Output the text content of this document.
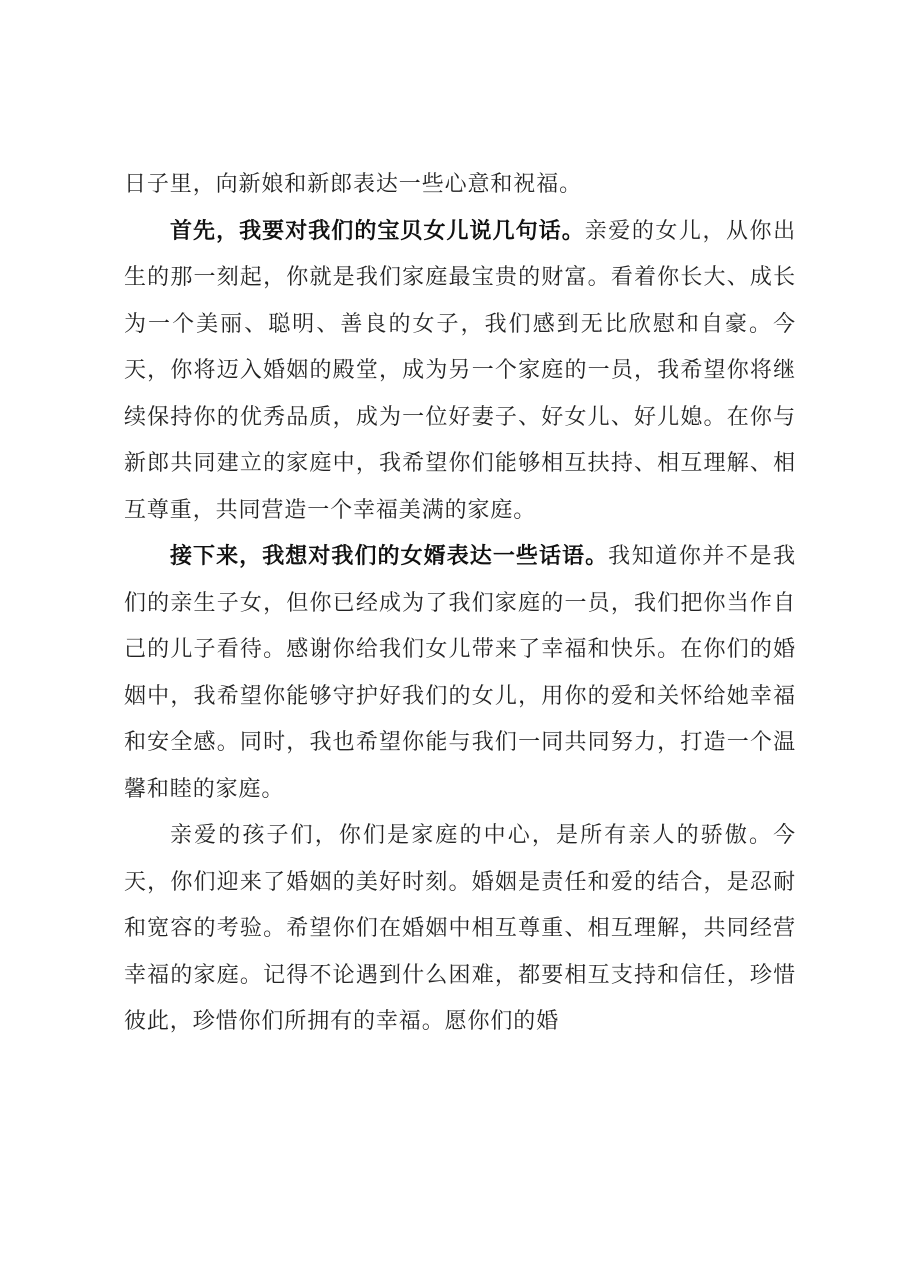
日子里，向新娘和新郎表达一些心意和祝福。

首先，我要对我们的宝贝女儿说几句话。亲爱的女儿，从你出生的那一刻起，你就是我们家庭最宝贵的财富。看着你长大、成长为一个美丽、聪明、善良的女子，我们感到无比欣慰和自豪。今天，你将迈入婚姻的殿堂，成为另一个家庭的一员，我希望你将继续保持你的优秀品质，成为一位好妻子、好女儿、好儿媳。在你与新郎共同建立的家庭中，我希望你们能够相互扶持、相互理解、相互尊重，共同营造一个幸福美满的家庭。

接下来，我想对我们的女婿表达一些话语。我知道你并不是我们的亲生子女，但你已经成为了我们家庭的一员，我们把你当作自己的儿子看待。感谢你给我们女儿带来了幸福和快乐。在你们的婚姻中，我希望你能够守护好我们的女儿，用你的爱和关怀给她幸福和安全感。同时，我也希望你能与我们一同共同努力，打造一个温馨和睦的家庭。

亲爱的孩子们，你们是家庭的中心，是所有亲人的骄傲。今天，你们迎来了婚姻的美好时刻。婚姻是责任和爱的结合，是忍耐和宽容的考验。希望你们在婚姻中相互尊重、相互理解，共同经营幸福的家庭。记得不论遇到什么困难，都要相互支持和信任，珍惜彼此，珍惜你们所拥有的幸福。愿你们的婚
